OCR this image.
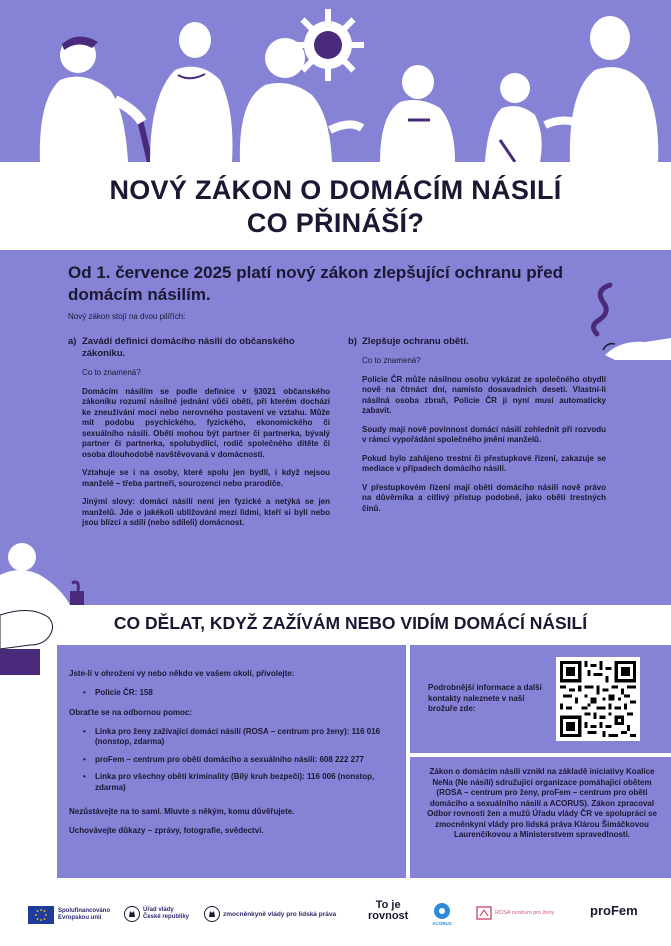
NOVÝ ZÁKON O DOMÁCÍM NÁSILÍ
CO PŘINÁŠÍ?
Od 1. července 2025 platí nový zákon zlepšující ochranu před domácím násilím.
Nový zákon stojí na dvou pilířích:
a) Zavádí definici domácího násilí do občanského zákoníku.
Co to znamená?

Domácím násilím se podle definice v §3021 občanského zákoníku rozumí násilné jednání vůči oběti, při kterém dochází ke zneužívání moci nebo nerovného postavení ve vztahu. Může mít podobu psychického, fyzického, ekonomického či sexuálního násilí. Oběti mohou být partner či partnerka, bývalý partner či partnerka, spolubydlící, rodič společného dítěte či osoba dlouhodobě navštěvovaná v domácnosti.

Vztahuje se i na osoby, které spolu jen bydlí, i když nejsou manželé – třeba partneři, sourozenci nebo prarodiče.

Jinými slovy: domácí násilí není jen fyzické a netýká se jen manželů. Jde o jakékoli ubližování mezi lidmi, kteří si byli nebo jsou blízcí a sdílí (nebo sdíleli) domácnost.

b) Zlepšuje ochranu obětí.
Co to znamená?

Policie ČR může násilnou osobu vykázat ze společného obydlí nově na čtrnáct dní, namísto dosavadních deseti. Vlastní-li násilná osoba zbraň, Policie ČR ji nyní musí automaticky zabavit.

Soudy mají nově povinnost domácí násilí zohlednit při rozvodu v rámci vypořádání společného jmění manželů.

Pokud bylo zahájeno trestní či přestupkové řízení, zakazuje se mediace v případech domácího násilí.

V přestupkovém řízení mají oběti domácího násilí nově právo na důvěrníka a citlivý přístup podobně, jako oběti trestných činů.

CO DĚLAT, KDYŽ ZAŽÍVÁM NEBO VIDÍM DOMÁCÍ NÁSILÍ
Jste-li v ohrožení vy nebo někdo ve vašem okolí, přivolejte:
• Policie ČR: 158
Obraťte se na odbornou pomoc:
• Linka pro ženy zažívající domácí násilí (ROSA – centrum pro ženy): 116 016 (nonstop, zdarma)
• proFem – centrum pro oběti domácího a sexuálního násilí: 608 222 277
• Linka pro všechny oběti kriminality (Bílý kruh bezpečí): 116 006 (nonstop, zdarma)
Nezůstávejte na to sami. Mluvte s někým, komu důvěřujete.
Uchovávejte důkazy – zprávy, fotografie, svědectví.
Podrobnější informace a další kontakty naleznete v naší brožuře zde:
Zákon o domácím násilí vznikl na základě iniciativy Koalice NeNa (Ne násilí) sdružující organizace pomáhající obětem (ROSA – centrum pro ženy, proFem – centrum pro oběti domácího a sexuálního násilí a ACORUS). Zákon zpracoval Odbor rovnosti žen a mužů Úřadu vlády ČR ve spolupráci se zmocněnkyní vlády pro lidská práva Klárou Šimáčkovou Laurenčíkovou a Ministerstvem spravedlnosti.
Spolufinancováno
Evropskou unií
Úřad vlády
České republiky	zmocněnkyně vlády pro lidská práva
To je
rovnost
ACORUS
ROSA centrum pro ženy	proFem
